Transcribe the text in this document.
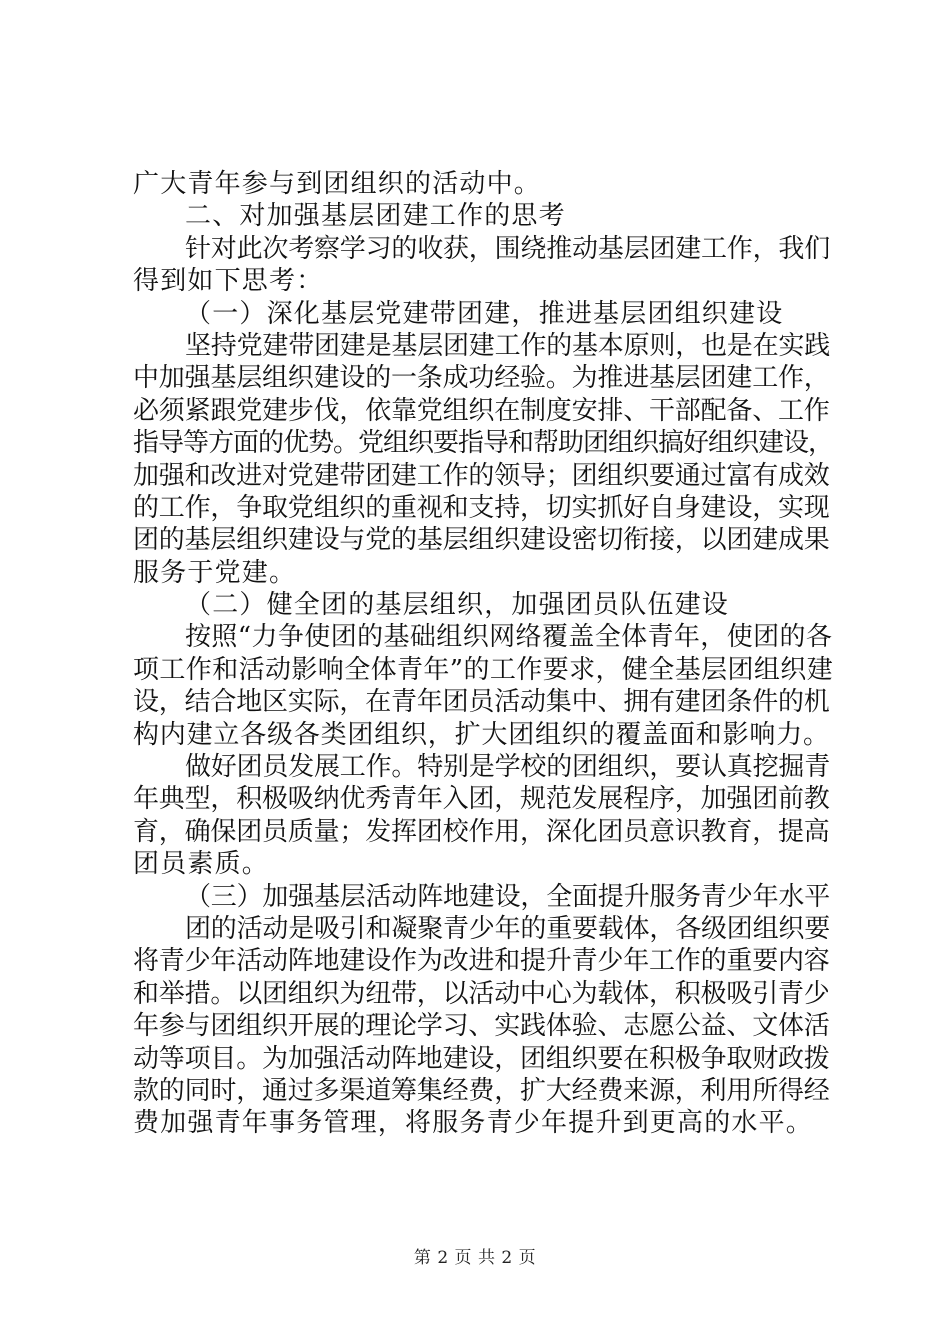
广大青年参与到团组织的活动中。
二、对加强基层团建工作的思考
针对此次考察学习的收获，围绕推动基层团建工作，我们
得到如下思考：
（一）深化基层党建带团建，推进基层团组织建设
坚持党建带团建是基层团建工作的基本原则，也是在实践
中加强基层组织建设的一条成功经验。为推进基层团建工作，
必须紧跟党建步伐，依靠党组织在制度安排、干部配备、工作
指导等方面的优势。党组织要指导和帮助团组织搞好组织建设，
加强和改进对党建带团建工作的领导；团组织要通过富有成效
的工作，争取党组织的重视和支持，切实抓好自身建设，实现
团的基层组织建设与党的基层组织建设密切衔接，以团建成果
服务于党建。
（二）健全团的基层组织，加强团员队伍建设
按照“力争使团的基础组织网络覆盖全体青年，使团的各
项工作和活动影响全体青年”的工作要求，健全基层团组织建
设，结合地区实际，在青年团员活动集中、拥有建团条件的机
构内建立各级各类团组织，扩大团组织的覆盖面和影响力。
做好团员发展工作。特别是学校的团组织，要认真挖掘青
年典型，积极吸纳优秀青年入团，规范发展程序，加强团前教
育，确保团员质量；发挥团校作用，深化团员意识教育，提高
团员素质。
（三）加强基层活动阵地建设，全面提升服务青少年水平
团的活动是吸引和凝聚青少年的重要载体，各级团组织要
将青少年活动阵地建设作为改进和提升青少年工作的重要内容
和举措。以团组织为纽带，以活动中心为载体，积极吸引青少
年参与团组织开展的理论学习、实践体验、志愿公益、文体活
动等项目。为加强活动阵地建设，团组织要在积极争取财政拨
款的同时，通过多渠道筹集经费，扩大经费来源，利用所得经
费加强青年事务管理，将服务青少年提升到更高的水平。
第 2 页 共 2 页
